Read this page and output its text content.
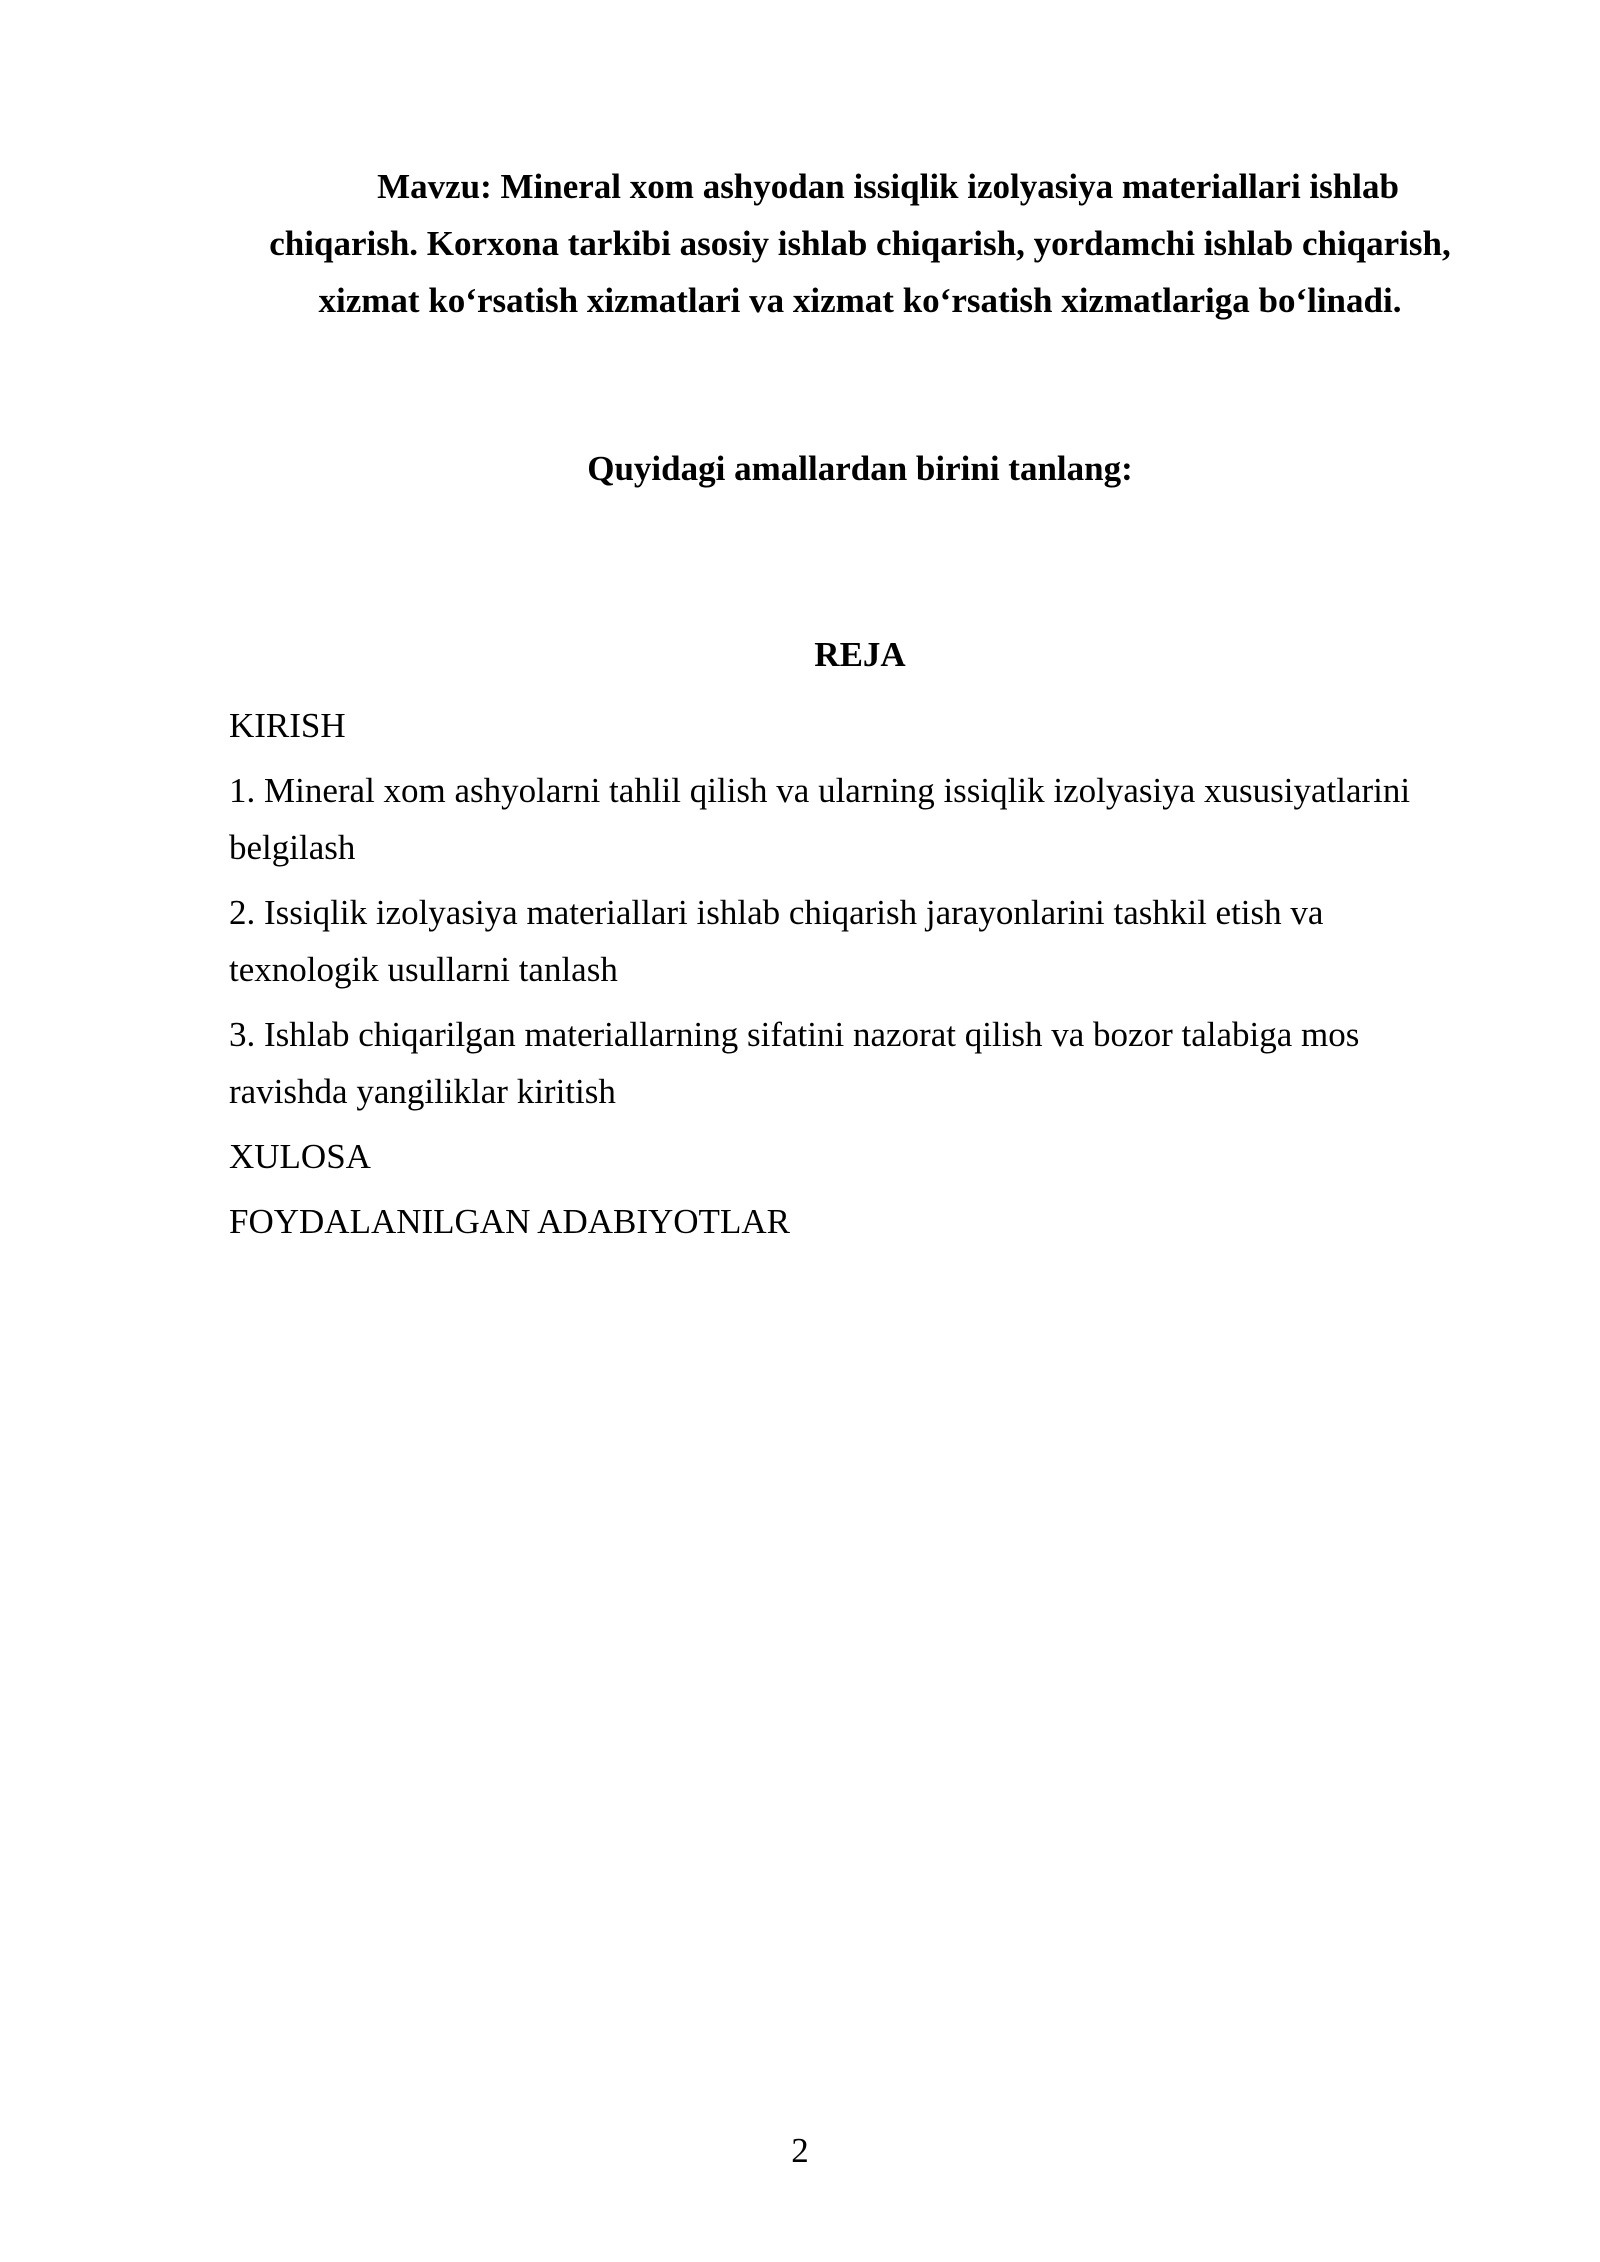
Mavzu: Mineral xom ashyodan issiqlik izolyasiya materiallari ishlab chiqarish. Korxona tarkibi asosiy ishlab chiqarish, yordamchi ishlab chiqarish, xizmat ko‘rsatish xizmatlari va xizmat ko‘rsatish xizmatlariga bo‘linadi.

Quyidagi amallardan birini tanlang:

REJA
KIRISH
1. Mineral xom ashyolarni tahlil qilish va ularning issiqlik izolyasiya xususiyatlarini belgilash
2. Issiqlik izolyasiya materiallari ishlab chiqarish jarayonlarini tashkil etish va texnologik usullarni tanlash
3. Ishlab chiqarilgan materiallarning sifatini nazorat qilish va bozor talabiga mos ravishda yangiliklar kiritish
XULOSA
FOYDALANILGAN ADABIYOTLAR
2
